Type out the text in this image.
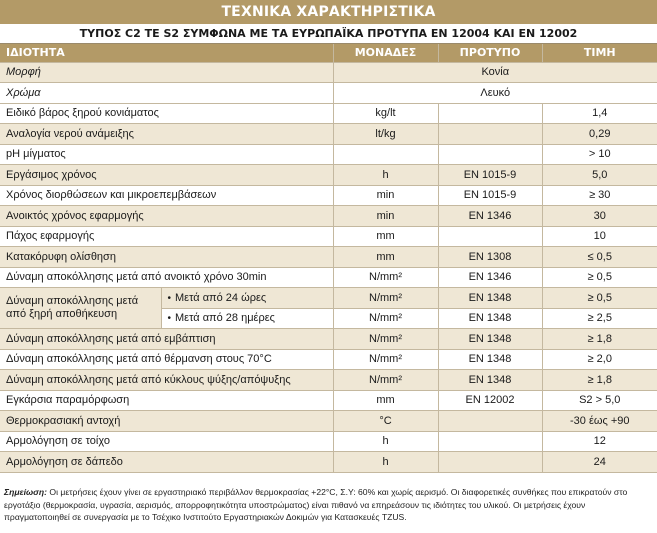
ΤΕΧΝΙΚΑ ΧΑΡΑΚΤΗΡΙΣΤΙΚΑ
ΤΥΠΟΣ C2 TE S2 ΣΥΜΦΩΝΑ ΜΕ ΤΑ ΕΥΡΩΠΑΪΚΑ ΠΡΟΤΥΠΑ ΕΝ 12004 ΚΑΙ ΕΝ 12002
Μορφή		Κονία		
Χρώμα		Λευκό		
ΙΔΙΟΤΗΤΑ		ΜΟΝΑΔΕΣ	ΠΡΟΤΥΠΟ	ΤΙΜΗ
Ειδικό βάρος ξηρού κονιάματος		kg/lt		1,4
Αναλογία νερού ανάμειξης		lt/kg		0,29
pH μίγματος				> 10
Εργάσιμος χρόνος		h	EN 1015-9	5,0
Χρόνος διορθώσεων και μικροεπεμβάσεων		min	EN 1015-9	≥ 30
Ανοικτός χρόνος εφαρμογής		min	EN 1346	30
Πάχος εφαρμογής		mm		10
Κατακόρυφη ολίσθηση		mm	EN 1308	≤ 0,5
Δύναμη αποκόλλησης μετά από ανοικτό χρόνο 30min		N/mm²	EN 1346	≥ 0,5
Δύναμη αποκόλλησης μετά από ξηρή αποθήκευση	• Μετά από 24 ώρες	N/mm²	EN 1348	≥ 0,5
	• Μετά από 28 ημέρες	N/mm²	EN 1348	≥ 2,5
Δύναμη αποκόλλησης μετά από εμβάπτιση		N/mm²	EN 1348	≥ 1,8
Δύναμη αποκόλλησης μετά από θέρμανση στους 70°C		N/mm²	EN 1348	≥ 2,0
Δύναμη αποκόλλησης μετά από κύκλους ψύξης/απόψυξης		N/mm²	EN 1348	≥ 1,8
Εγκάρσια παραμόρφωση		mm	EN 12002	S2 > 5,0
Θερμοκρασιακή αντοχή		°C		-30 έως +90
Αρμολόγηση σε τοίχο		h		12
Αρμολόγηση σε δάπεδο		h		24
Σημείωση: Οι μετρήσεις έχουν γίνει σε εργαστηριακό περιβάλλον θερμοκρασίας +22°C, Σ.Υ: 60% και χωρίς αερισμό. Οι διαφορετικές συνθήκες που επικρατούν στο εργοτάξιο (θερμοκρασία, υγρασία, αερισμός, απορροφητικότητα υποστρώματος) είναι πιθανό να επηρεάσουν τις ιδιότητες του υλικού. Οι μετρήσεις έχουν πραγματοποιηθεί σε συνεργασία με το Τσέχικο Ινστιτούτο Εργαστηριακών Δοκιμών για Κατασκευές TZUS.
